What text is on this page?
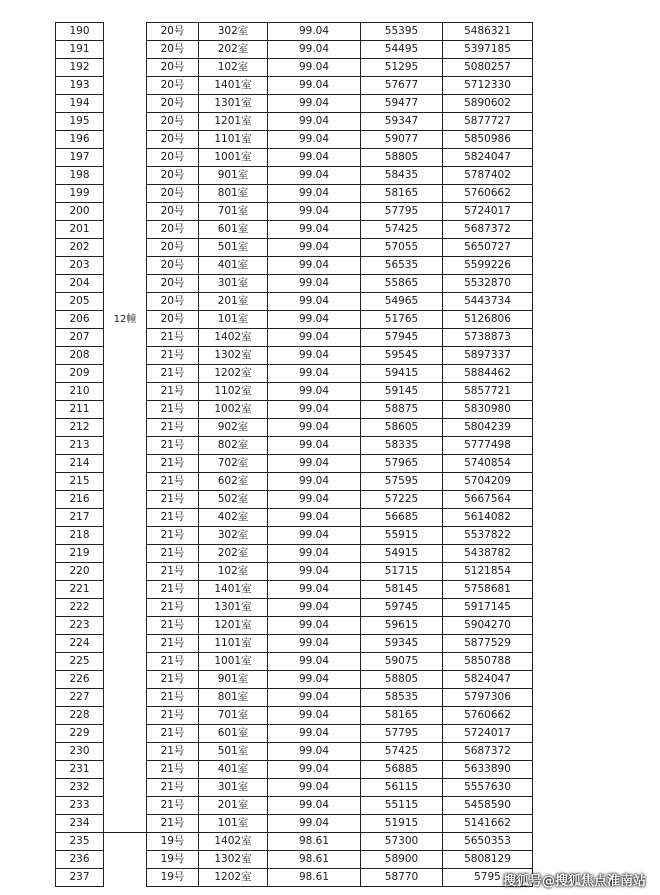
190		20号	302室	99.04	55395	5486321
191		20号	202室	99.04	54495	5397185
192		20号	102室	99.04	51295	5080257
193		20号	1401室	99.04	57677	5712330
194		20号	1301室	99.04	59477	5890602
195		20号	1201室	99.04	59347	5877727
196		20号	1101室	99.04	59077	5850986
197		20号	1001室	99.04	58805	5824047
198		20号	901室	99.04	58435	5787402
199		20号	801室	99.04	58165	5760662
200		20号	701室	99.04	57795	5724017
201		20号	601室	99.04	57425	5687372
202		20号	501室	99.04	57055	5650727
203		20号	401室	99.04	56535	5599226
204		20号	301室	99.04	55865	5532870
205		20号	201室	99.04	54965	5443734
206	12幢	20号	101室	99.04	51765	5126806
207		21号	1402室	99.04	57945	5738873
208		21号	1302室	99.04	59545	5897337
209		21号	1202室	99.04	59415	5884462
210		21号	1102室	99.04	59145	5857721
211		21号	1002室	99.04	58875	5830980
212		21号	902室	99.04	58605	5804239
213		21号	802室	99.04	58335	5777498
214		21号	702室	99.04	57965	5740854
215		21号	602室	99.04	57595	5704209
216		21号	502室	99.04	57225	5667564
217		21号	402室	99.04	56685	5614082
218		21号	302室	99.04	55915	5537822
219		21号	202室	99.04	54915	5438782
220		21号	102室	99.04	51715	5121854
221		21号	1401室	99.04	58145	5758681
222		21号	1301室	99.04	59745	5917145
223		21号	1201室	99.04	59615	5904270
224		21号	1101室	99.04	59345	5877529
225		21号	1001室	99.04	59075	5850788
226		21号	901室	99.04	58805	5824047
227		21号	801室	99.04	58535	5797306
228		21号	701室	99.04	58165	5760662
229		21号	601室	99.04	57795	5724017
230		21号	501室	99.04	57425	5687372
231		21号	401室	99.04	56885	5633890
232		21号	301室	99.04	56115	5557630
233		21号	201室	99.04	55115	5458590
234		21号	101室	99.04	51915	5141662
235		19号	1402室	98.61	57300	5650353
236		19号	1302室	98.61	58900	5808129
237		19号	1202室	98.61	58770	5795 搜狐号@搜狐焦点淮南站
